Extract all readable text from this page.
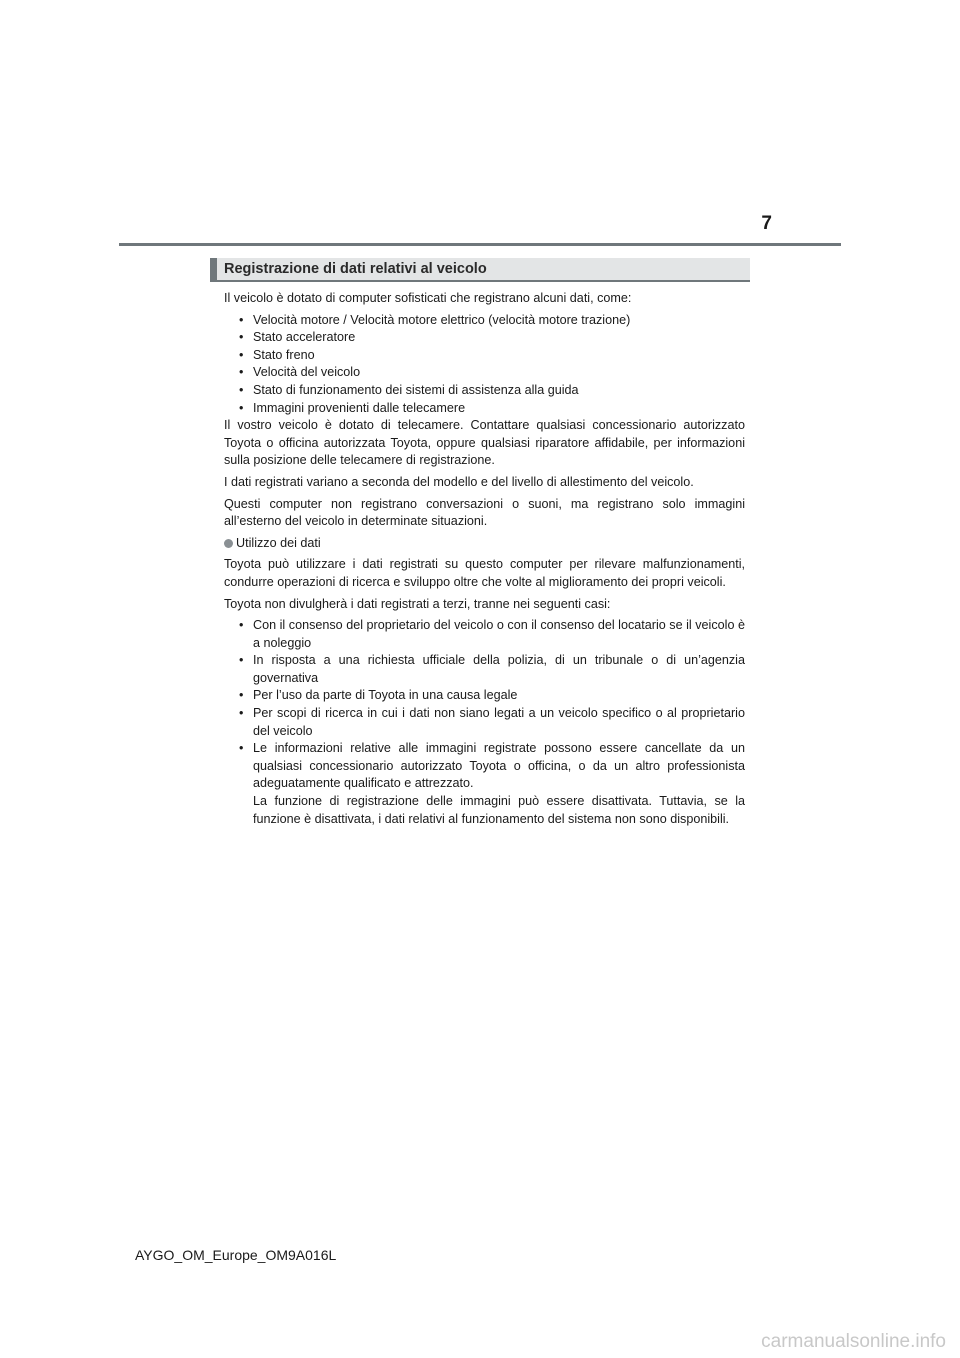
7
Registrazione di dati relativi al veicolo

Il veicolo è dotato di computer sofisticati che registrano alcuni dati, come:

• Velocità motore / Velocità motore elettrico (velocità motore trazione)
• Stato acceleratore
• Stato freno
• Velocità del veicolo
• Stato di funzionamento dei sistemi di assistenza alla guida
• Immagini provenienti dalle telecamere

Il vostro veicolo è dotato di telecamere. Contattare qualsiasi concessionario autorizzato Toyota o officina autorizzata Toyota, oppure qualsiasi riparatore affidabile, per informazioni sulla posizione delle telecamere di registrazione.

I dati registrati variano a seconda del modello e del livello di allestimento del veicolo.

Questi computer non registrano conversazioni o suoni, ma registrano solo immagini all’esterno del veicolo in determinate situazioni.

Utilizzo dei dati

Toyota può utilizzare i dati registrati su questo computer per rilevare malfunzionamenti, condurre operazioni di ricerca e sviluppo oltre che volte al miglioramento dei propri veicoli.

Toyota non divulgherà i dati registrati a terzi, tranne nei seguenti casi:

• Con il consenso del proprietario del veicolo o con il consenso del locatario se il veicolo è a noleggio
• In risposta a una richiesta ufficiale della polizia, di un tribunale o di un’agenzia governativa
• Per l’uso da parte di Toyota in una causa legale
• Per scopi di ricerca in cui i dati non siano legati a un veicolo specifico o al proprietario del veicolo
• Le informazioni relative alle immagini registrate possono essere cancellate da un qualsiasi concessionario autorizzato Toyota o officina, o da un altro professionista adeguatamente qualificato e attrezzato.
La funzione di registrazione delle immagini può essere disattivata. Tuttavia, se la funzione è disattivata, i dati relativi al funzionamento del sistema non sono disponibili.
AYGO_OM_Europe_OM9A016L
carmanualsonline.info
